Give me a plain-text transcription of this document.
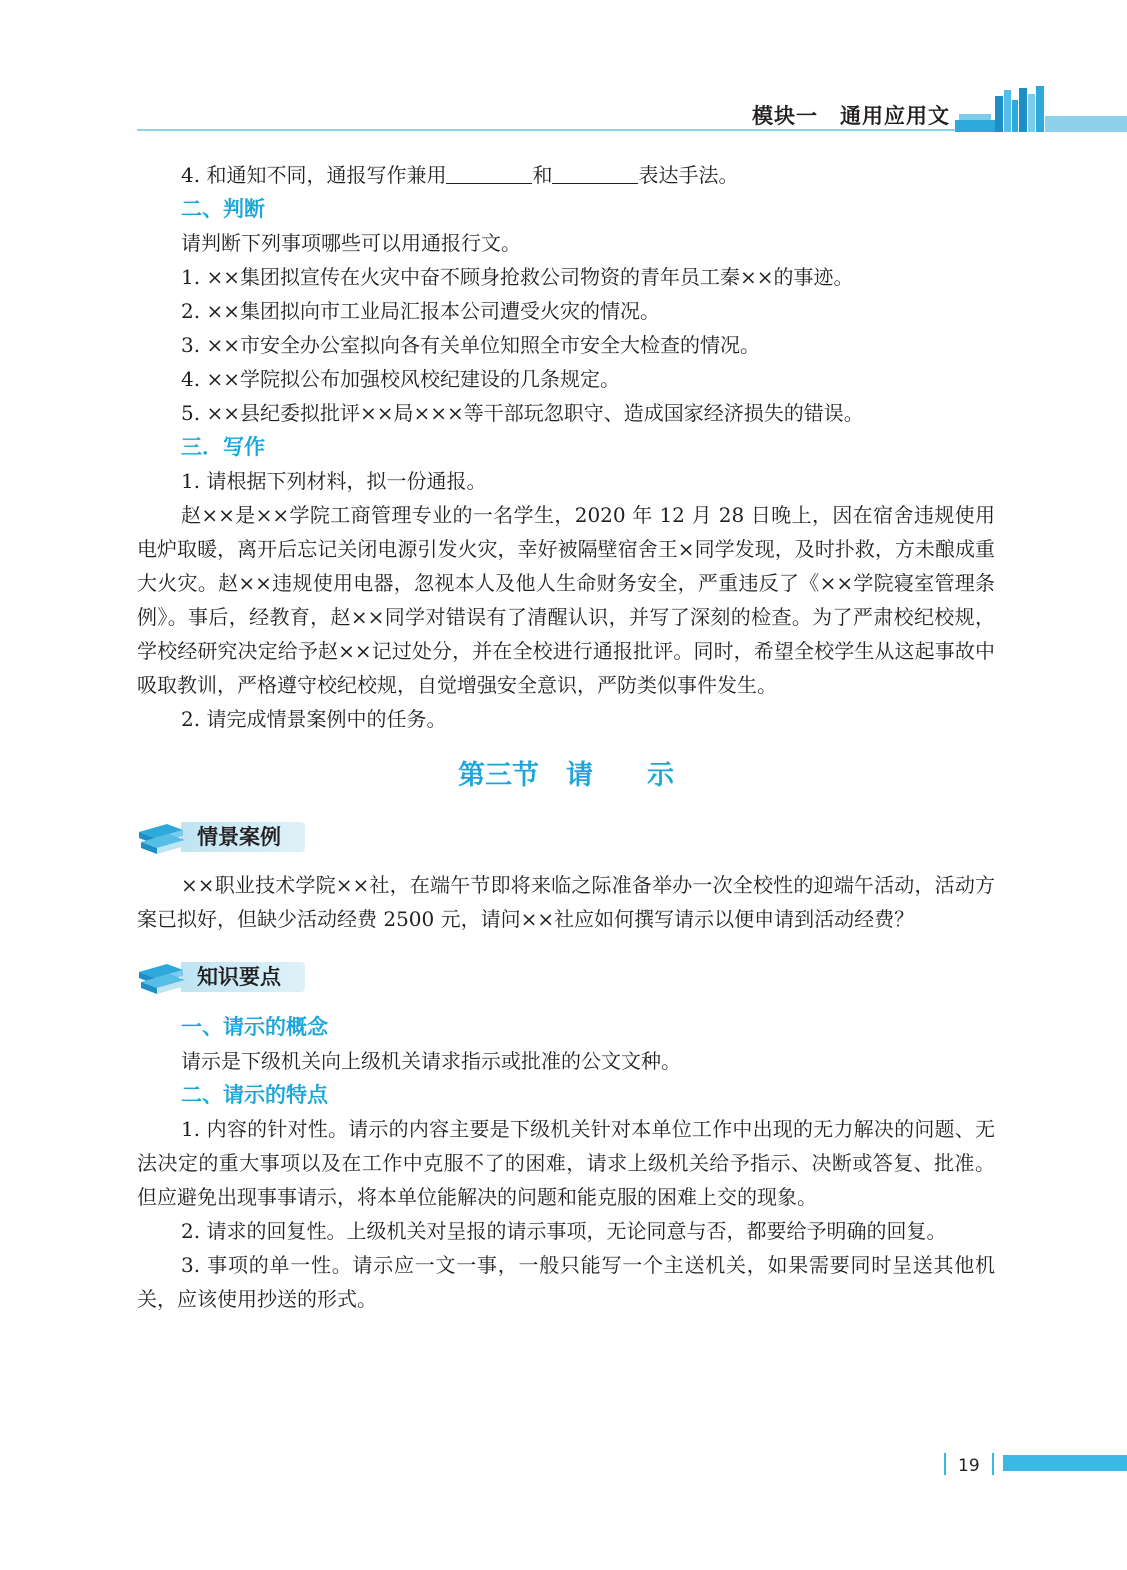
模块一　通用应用文

4. 和通知不同，通报写作兼用	和	表达手法。

二、判断

请判断下列事项哪些可以用通报行文。

1. ××集团拟宣传在火灾中奋不顾身抢救公司物资的青年员工秦××的事迹。

2. ××集团拟向市工业局汇报本公司遭受火灾的情况。

3. ××市安全办公室拟向各有关单位知照全市安全大检查的情况。

4. ××学院拟公布加强校风校纪建设的几条规定。

5. ××县纪委拟批评××局×××等干部玩忽职守、造成国家经济损失的错误。

三．写作

1. 请根据下列材料，拟一份通报。

赵××是××学院工商管理专业的一名学生，2020 年 12 月 28 日晚上，因在宿舍违规使用电炉取暖，离开后忘记关闭电源引发火灾，幸好被隔壁宿舍王×同学发现，及时扑救，方未酿成重大火灾。赵××违规使用电器，忽视本人及他人生命财务安全，严重违反了《××学院寝室管理条例》。事后，经教育，赵××同学对错误有了清醒认识，并写了深刻的检查。为了严肃校纪校规，学校经研究决定给予赵××记过处分，并在全校进行通报批评。同时，希望全校学生从这起事故中吸取教训，严格遵守校纪校规，自觉增强安全意识，严防类似事件发生。

2. 请完成情景案例中的任务。

第三节　请　　示
情景案例

××职业技术学院××社，在端午节即将来临之际准备举办一次全校性的迎端午活动，活动方案已拟好，但缺少活动经费 2500 元，请问××社应如何撰写请示以便申请到活动经费？

知识要点

一、请示的概念

请示是下级机关向上级机关请求指示或批准的公文文种。

二、请示的特点

1. 内容的针对性。请示的内容主要是下级机关针对本单位工作中出现的无力解决的问题、无法决定的重大事项以及在工作中克服不了的困难，请求上级机关给予指示、决断或答复、批准。但应避免出现事事请示，将本单位能解决的问题和能克服的困难上交的现象。

2. 请求的回复性。上级机关对呈报的请示事项，无论同意与否，都要给予明确的回复。

3. 事项的单一性。请示应一文一事，一般只能写一个主送机关，如果需要同时呈送其他机关，应该使用抄送的形式。

19
